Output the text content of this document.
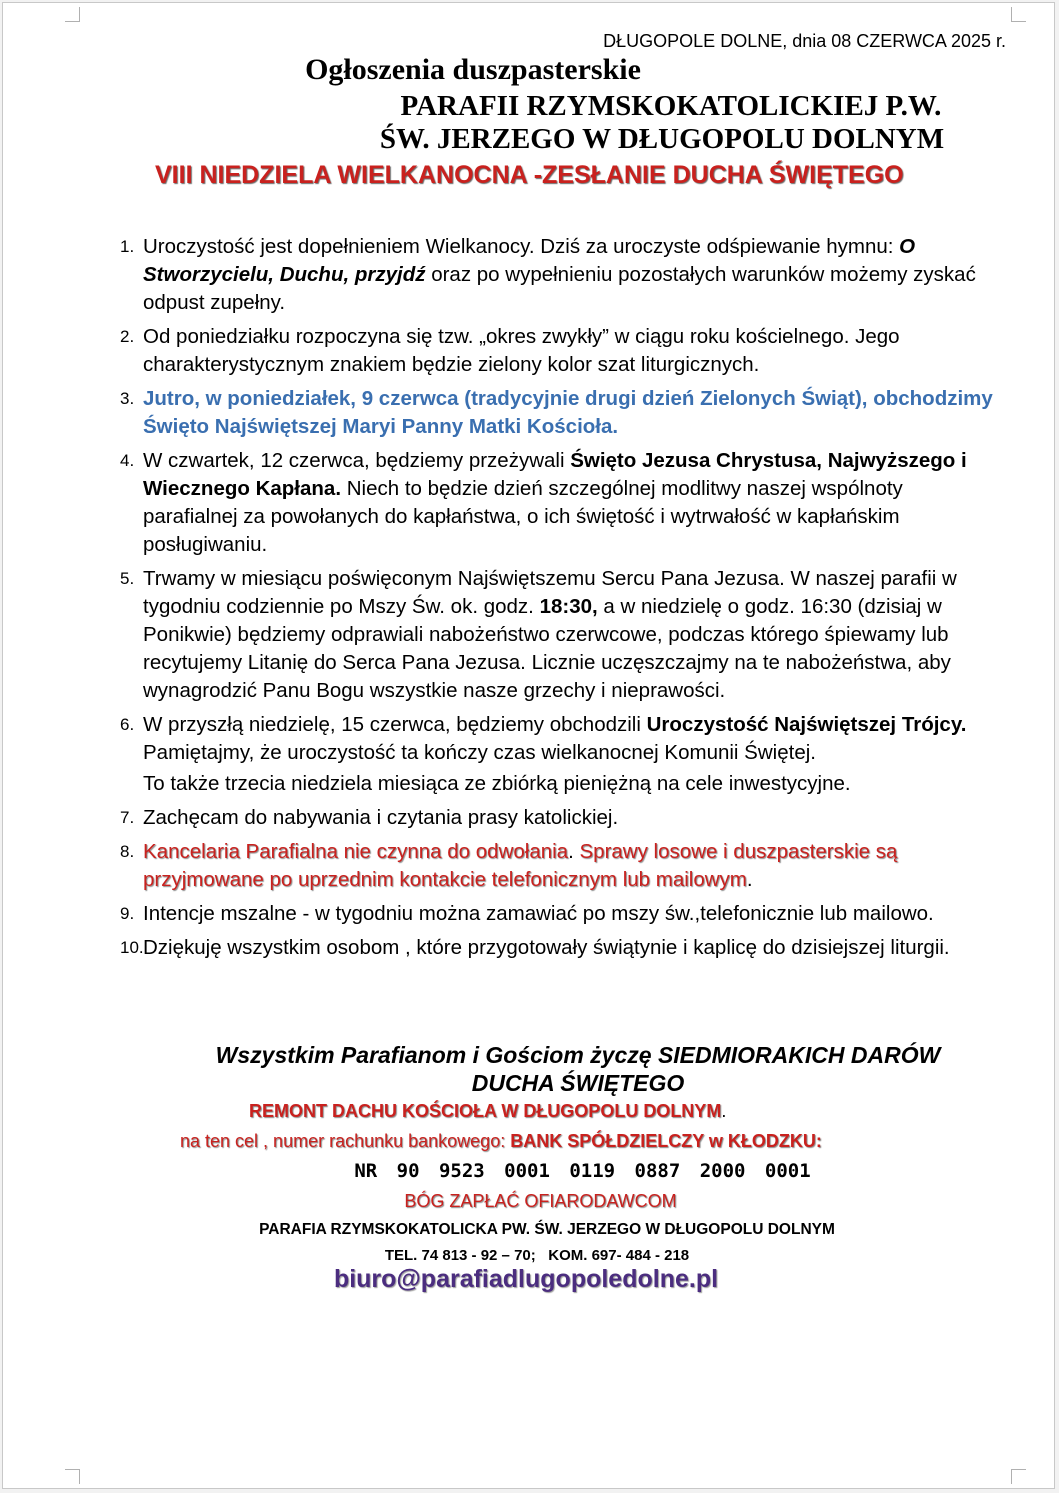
DŁUGOPOLE DOLNE, dnia 08 CZERWCA 2025 r.
Ogłoszenia duszpasterskie
PARAFII RZYMSKOKATOLICKIEJ P.W.
ŚW. JERZEGO W DŁUGOPOLU DOLNYM
VIII NIEDZIELA WIELKANOCNA -ZESŁANIE DUCHA ŚWIĘTEGO
1. Uroczystość jest dopełnieniem Wielkanocy. Dziś za uroczyste odśpiewanie hymnu: O Stworzycielu, Duchu, przyjdź oraz po wypełnieniu pozostałych warunków możemy zyskać odpust zupełny.
2. Od poniedziałku rozpoczyna się tzw. „okres zwykły” w ciągu roku kościelnego. Jego charakterystycznym znakiem będzie zielony kolor szat liturgicznych.
3. Jutro, w poniedziałek, 9 czerwca (tradycyjnie drugi dzień Zielonych Świąt), obchodzimy Święto Najświętszej Maryi Panny Matki Kościoła.
4. W czwartek, 12 czerwca, będziemy przeżywali Święto Jezusa Chrystusa, Najwyższego i Wiecznego Kapłana. Niech to będzie dzień szczególnej modlitwy naszej wspólnoty parafialnej za powołanych do kapłaństwa, o ich świętość i wytrwałość w kapłańskim posługiwaniu.
5. Trwamy w miesiącu poświęconym Najświętszemu Sercu Pana Jezusa. W naszej parafii w tygodniu codziennie po Mszy Św. ok. godz. 18:30, a w niedzielę o godz. 16:30 (dzisiaj w Ponikwie) będziemy odprawiali nabożeństwo czerwcowe, podczas którego śpiewamy lub recytujemy Litanię do Serca Pana Jezusa. Licznie uczęszczajmy na te nabożeństwa, aby wynagrodzić Panu Bogu wszystkie nasze grzechy i nieprawości.
6. W przyszłą niedzielę, 15 czerwca, będziemy obchodzili Uroczystość Najświętszej Trójcy. Pamiętajmy, że uroczystość ta kończy czas wielkanocnej Komunii Świętej.
To także trzecia niedziela miesiąca ze zbiórką pieniężną na cele inwestycyjne.
7. Zachęcam do nabywania i czytania prasy katolickiej.
8. Kancelaria Parafialna nie czynna do odwołania. Sprawy losowe i duszpasterskie są przyjmowane po uprzednim kontakcie telefonicznym lub mailowym.
9. Intencje mszalne - w tygodniu można zamawiać po mszy św.,telefonicznie lub mailowo.
10. Dziękuję wszystkim osobom , które przygotowały świątynie i kaplicę do dzisiejszej liturgii.
Wszystkim Parafianom i Gościom życzę SIEDMIORAKICH DARÓW DUCHA ŚWIĘTEGO
REMONT DACHU KOŚCIOŁA W DŁUGOPOLU DOLNYM.
na ten cel , numer rachunku bankowego: BANK SPÓŁDZIELCZY w KŁODZKU:
NR 90 9523 0001 0119 0887 2000 0001
BÓG ZAPŁAĆ OFIARODAWCOM
PARAFIA RZYMSKOKATOLICKA PW. ŚW. JERZEGO W DŁUGOPOLU DOLNYM
TEL. 74 813 - 92 – 70;   KOM. 697- 484 - 218
biuro@parafiadlugopoledolne.pl
